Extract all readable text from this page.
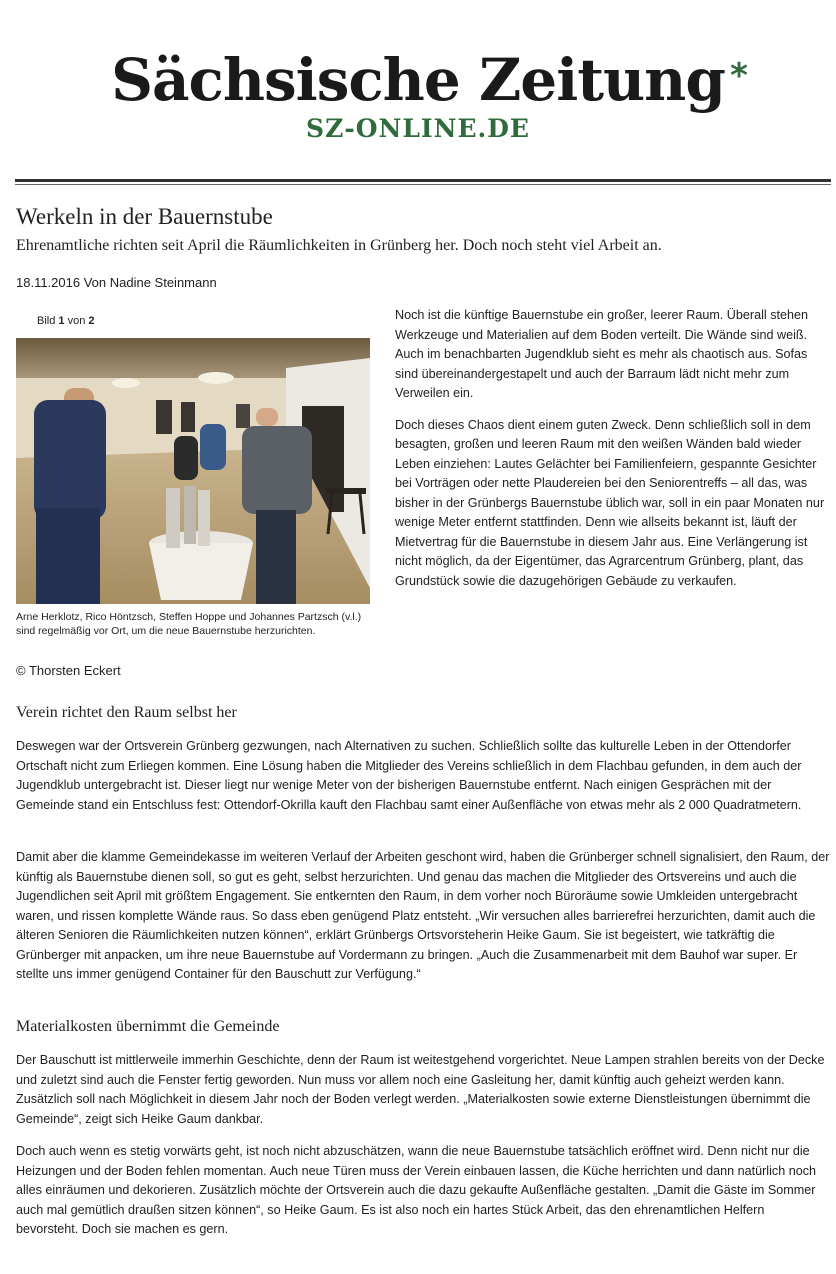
Sächsische Zeitung *
SZ-ONLINE.DE
Werkeln in der Bauernstube
Ehrenamtliche richten seit April die Räumlichkeiten in Grünberg her. Doch noch steht viel Arbeit an.
18.11.2016 Von Nadine Steinmann
Bild 1 von 2
Arne Herklotz, Rico Höntzsch, Steffen Hoppe und Johannes Partzsch (v.l.) sind regelmäßig vor Ort, um die neue Bauernstube herzurichten.
© Thorsten Eckert

Noch ist die künftige Bauernstube ein großer, leerer Raum. Überall stehen Werkzeuge und Materialien auf dem Boden verteilt. Die Wände sind weiß. Auch im benachbarten Jugendklub sieht es mehr als chaotisch aus. Sofas sind übereinandergestapelt und auch der Barraum lädt nicht mehr zum Verweilen ein.

Doch dieses Chaos dient einem guten Zweck. Denn schließlich soll in dem besagten, großen und leeren Raum mit den weißen Wänden bald wieder Leben einziehen: Lautes Gelächter bei Familienfeiern, gespannte Gesichter bei Vorträgen oder nette Plaudereien bei den Seniorentreffs – all das, was bisher in der Grünbergs Bauernstube üblich war, soll in ein paar Monaten nur wenige Meter entfernt stattfinden. Denn wie allseits bekannt ist, läuft der Mietvertrag für die Bauernstube in diesem Jahr aus. Eine Verlängerung ist nicht möglich, da der Eigentümer, das Agrarcentrum Grünberg, plant, das Grundstück sowie die dazugehörigen Gebäude zu verkaufen.

Verein richtet den Raum selbst her

Deswegen war der Ortsverein Grünberg gezwungen, nach Alternativen zu suchen. Schließlich sollte das kulturelle Leben in der Ottendorfer Ortschaft nicht zum Erliegen kommen. Eine Lösung haben die Mitglieder des Vereins schließlich in dem Flachbau gefunden, in dem auch der Jugendklub untergebracht ist. Dieser liegt nur wenige Meter von der bisherigen Bauernstube entfernt. Nach einigen Gesprächen mit der Gemeinde stand ein Entschluss fest: Ottendorf-Okrilla kauft den Flachbau samt einer Außenfläche von etwas mehr als 2 000 Quadratmetern.

Damit aber die klamme Gemeindekasse im weiteren Verlauf der Arbeiten geschont wird, haben die Grünberger schnell signalisiert, den Raum, der künftig als Bauernstube dienen soll, so gut es geht, selbst herzurichten. Und genau das machen die Mitglieder des Ortsvereins und auch die Jugendlichen seit April mit größtem Engagement. Sie entkernten den Raum, in dem vorher noch Büroräume sowie Umkleiden untergebracht waren, und rissen komplette Wände raus. So dass eben genügend Platz entsteht. „Wir versuchen alles barrierefrei herzurichten, damit auch die älteren Senioren die Räumlichkeiten nutzen können“, erklärt Grünbergs Ortsvorsteherin Heike Gaum. Sie ist begeistert, wie tatkräftig die Grünberger mit anpacken, um ihre neue Bauernstube auf Vordermann zu bringen. „Auch die Zusammenarbeit mit dem Bauhof war super. Er stellte uns immer genügend Container für den Bauschutt zur Verfügung.“

Materialkosten übernimmt die Gemeinde

Der Bauschutt ist mittlerweile immerhin Geschichte, denn der Raum ist weitestgehend vorgerichtet. Neue Lampen strahlen bereits von der Decke und zuletzt sind auch die Fenster fertig geworden. Nun muss vor allem noch eine Gasleitung her, damit künftig auch geheizt werden kann. Zusätzlich soll nach Möglichkeit in diesem Jahr noch der Boden verlegt werden. „Materialkosten sowie externe Dienstleistungen übernimmt die Gemeinde“, zeigt sich Heike Gaum dankbar.

Doch auch wenn es stetig vorwärts geht, ist noch nicht abzuschätzen, wann die neue Bauernstube tatsächlich eröffnet wird. Denn nicht nur die Heizungen und der Boden fehlen momentan. Auch neue Türen muss der Verein einbauen lassen, die Küche herrichten und dann natürlich noch alles einräumen und dekorieren. Zusätzlich möchte der Ortsverein auch die dazu gekaufte Außenfläche gestalten. „Damit die Gäste im Sommer auch mal gemütlich draußen sitzen können“, so Heike Gaum. Es ist also noch ein hartes Stück Arbeit, das den ehrenamtlichen Helfern bevorsteht. Doch sie machen es gern.
